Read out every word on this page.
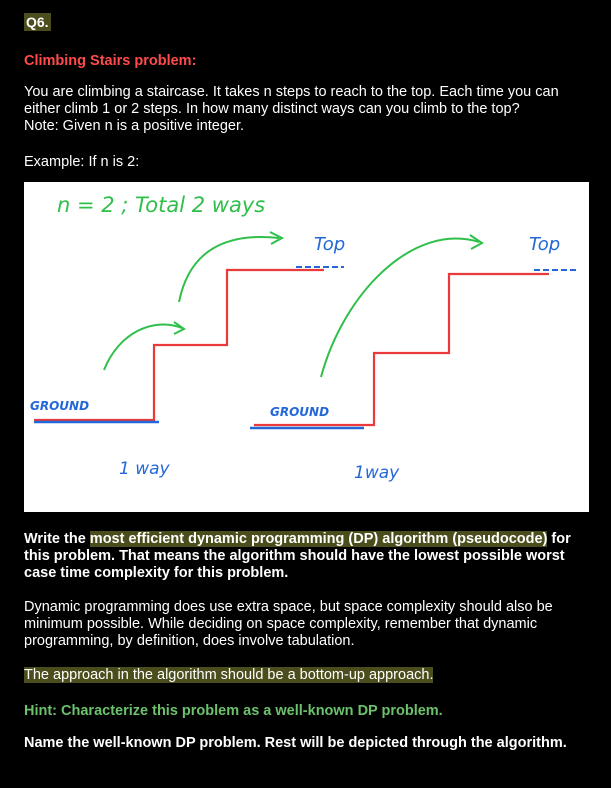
Q6.
Climbing Stairs problem:
You are climbing a staircase. It takes n steps to reach to the top. Each time you can either climb 1 or 2 steps. In how many distinct ways can you climb to the top?
Note: Given n is a positive integer.
Example: If n is 2:
n = 2 ; Total 2 ways
GROUND
Top
1 way
GROUND
Top
1way
Write the most efficient dynamic programming (DP) algorithm (pseudocode) for this problem. That means the algorithm should have the lowest possible worst case time complexity for this problem.
Dynamic programming does use extra space, but space complexity should also be minimum possible. While deciding on space complexity, remember that dynamic programming, by definition, does involve tabulation.
The approach in the algorithm should be a bottom-up approach.
Hint: Characterize this problem as a well-known DP problem.
Name the well-known DP problem. Rest will be depicted through the algorithm.
